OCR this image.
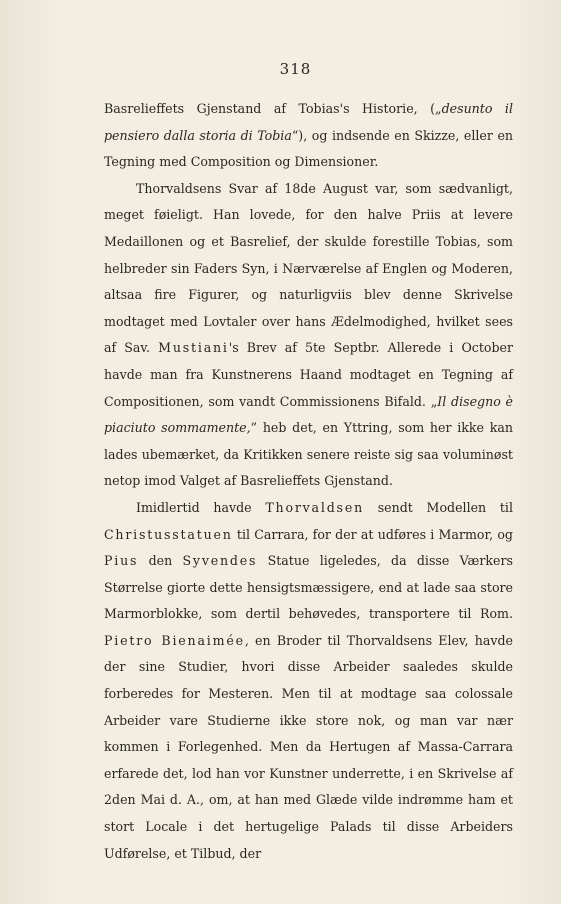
318

Basrelieffets Gjenstand af Tobias's Historie, („desunto il pensiero dalla storia di Tobia“), og indsende en Skizze, eller en Tegning med Composition og Dimensioner.

Thorvaldsens Svar af 18de August var, som sædvanligt, meget føieligt. Han lovede, for den halve Priis at levere Medaillonen og et Basrelief, der skulde forestille Tobias, som helbreder sin Faders Syn, i Nærværelse af Englen og Moderen, altsaa fire Figurer, og naturligviis blev denne Skrivelse modtaget med Lovtaler over hans Ædelmodighed, hvilket sees af Sav. Mustiani's Brev af 5te Septbr. Allerede i October havde man fra Kunstnerens Haand modtaget en Tegning af Compositionen, som vandt Commissionens Bifald. „Il disegno è piaciuto sommamente,” heb det, en Yttring, som her ikke kan lades ubemærket, da Kritikken senere reiste sig saa voluminøst netop imod Valget af Basrelieffets Gjenstand.

Imidlertid havde Thorvaldsen sendt Modellen til Christusstatuen til Carrara, for der at udføres i Marmor, og Pius den Syvendes Statue ligeledes, da disse Værkers Størrelse giorte dette hensigtsmæssigere, end at lade saa store Marmorblokke, som dertil behøvedes, transportere til Rom. Pietro Bienaimée, en Broder til Thorvaldsens Elev, havde der sine Studier, hvori disse Arbeider saaledes skulde forberedes for Mesteren. Men til at modtage saa colossale Arbeider vare Studierne ikke store nok, og man var nær kommen i Forlegenhed. Men da Hertugen af Massa-Carrara erfarede det, lod han vor Kunstner underrette, i en Skrivelse af 2den Mai d. A., om, at han med Glæde vilde indrømme ham et stort Locale i det hertugelige Palads til disse Arbeiders Udførelse, et Tilbud, der
